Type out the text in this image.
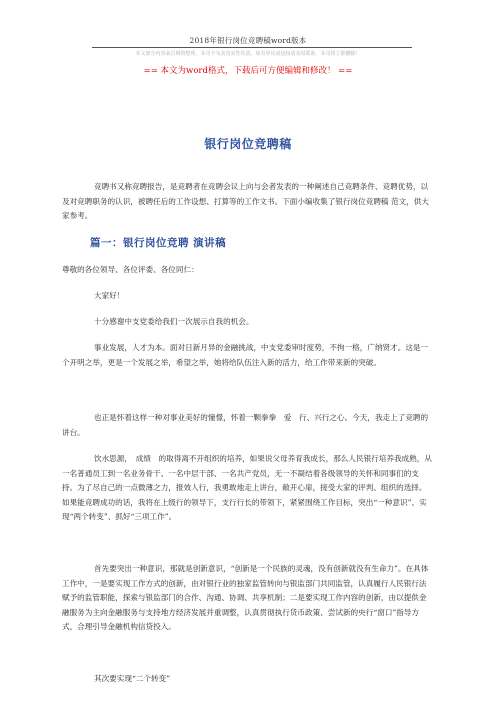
2018年银行岗位竞聘稿word版本
本文部分内容来自网络整理，本司不为其真实性负责，如有异议或侵权请及时联系，本司将立即删除！
== 本文为word格式，下载后可方便编辑和修改！ ==
银行岗位竞聘稿
竞聘书又称竞聘报告，是竞聘者在竞聘会议上向与会者发表的一种阐述自己竞聘条件、竞聘优势，以及对竞聘职务的认识，被聘任后的工作设想、打算等的工作文书。下面小编收集了银行岗位竞聘稿 范文，供大家参考。
篇一：银行岗位竞聘 演讲稿
尊敬的各位领导、各位评委、各位同仁：
大家好！
十分感谢中支党委给我们一次展示自我的机会。
事业发展，人才为本。面对日新月异的金融挑战，中支党委审时度势，不拘一格，广纳贤才。这是一个开明之举，更是一个发展之举，希望之举，她将给队伍注入新的活力，给工作带来新的突破。
也正是怀着这样一种对事业美好的憧憬，怀着一颗拳拳　爱　行、兴行之心。今天，我走上了竞聘的讲台。
饮水思源，　成绩　的取得离不开组织的培养，如果说父母养育我成长，那么人民银行培养我成熟，从一名普通员工到一名业务骨干、一名中层干部、一名共产党员，无一不凝结着各级领导的关怀和同事们的支持。为了尽自己的一点微薄之力，报效人行，我勇敢地走上讲台，敞开心扉，接受大家的评判、组织的选择。如果能竞聘成功的话，我将在上级行的领导下，支行行长的带领下，紧紧围绕工作目标，突出“一种意识”、实现“两个转变”、抓好“三项工作”。
首先要突出一种意识，那就是创新意识，“创新是一个民族的灵魂，没有创新就没有生命力”。在具体工作中，一是要实现工作方式的创新，由对银行业的独家监管转向与银监部门共同监管，认真履行人民银行法赋予的监管职能，探索与银监部门的合作、沟通、协调、共享机制；二是要实现工作内容的创新，由以提供金融服务为主向金融服务与支持地方经济发展并重调整，认真贯彻执行货币政策、尝试新的央行“窗口”指导方式，合理引导金融机构信贷投入。
其次要实现“二个转变”
